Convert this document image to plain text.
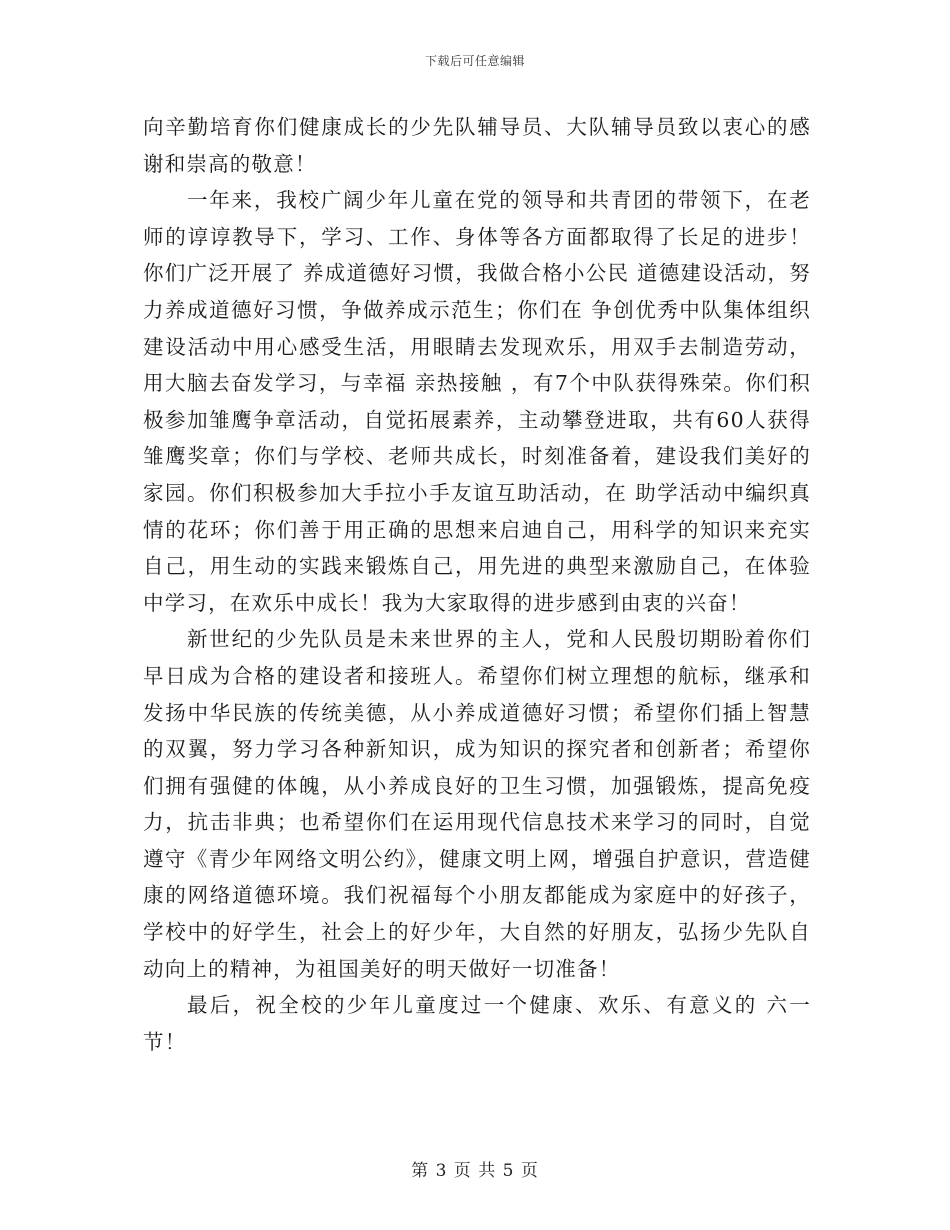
下载后可任意编辑

向辛勤培育你们健康成长的少先队辅导员、大队辅导员致以衷心的感谢和崇高的敬意！

一年来，我校广阔少年儿童在党的领导和共青团的带领下，在老师的谆谆教导下，学习、工作、身体等各方面都取得了长足的进步！你们广泛开展了 养成道德好习惯，我做合格小公民 道德建设活动，努力养成道德好习惯，争做养成示范生；你们在 争创优秀中队集体组织建设活动中用心感受生活，用眼睛去发现欢乐，用双手去制造劳动，用大脑去奋发学习，与幸福 亲热接触 ，有7个中队获得殊荣。你们积极参加雏鹰争章活动，自觉拓展素养，主动攀登进取，共有60人获得雏鹰奖章；你们与学校、老师共成长，时刻准备着，建设我们美好的家园。你们积极参加大手拉小手友谊互助活动，在 助学活动中编织真情的花环；你们善于用正确的思想来启迪自己，用科学的知识来充实自己，用生动的实践来锻炼自己，用先进的典型来激励自己，在体验中学习，在欢乐中成长！我为大家取得的进步感到由衷的兴奋！

新世纪的少先队员是未来世界的主人，党和人民殷切期盼着你们早日成为合格的建设者和接班人。希望你们树立理想的航标，继承和发扬中华民族的传统美德，从小养成道德好习惯；希望你们插上智慧的双翼，努力学习各种新知识，成为知识的探究者和创新者；希望你们拥有强健的体魄，从小养成良好的卫生习惯，加强锻炼，提高免疫力，抗击非典；也希望你们在运用现代信息技术来学习的同时，自觉遵守《青少年网络文明公约》，健康文明上网，增强自护意识，营造健康的网络道德环境。我们祝福每个小朋友都能成为家庭中的好孩子，学校中的好学生，社会上的好少年，大自然的好朋友，弘扬少先队自动向上的精神，为祖国美好的明天做好一切准备！

最后，祝全校的少年儿童度过一个健康、欢乐、有意义的 六一节！

第 3 页 共 5 页
